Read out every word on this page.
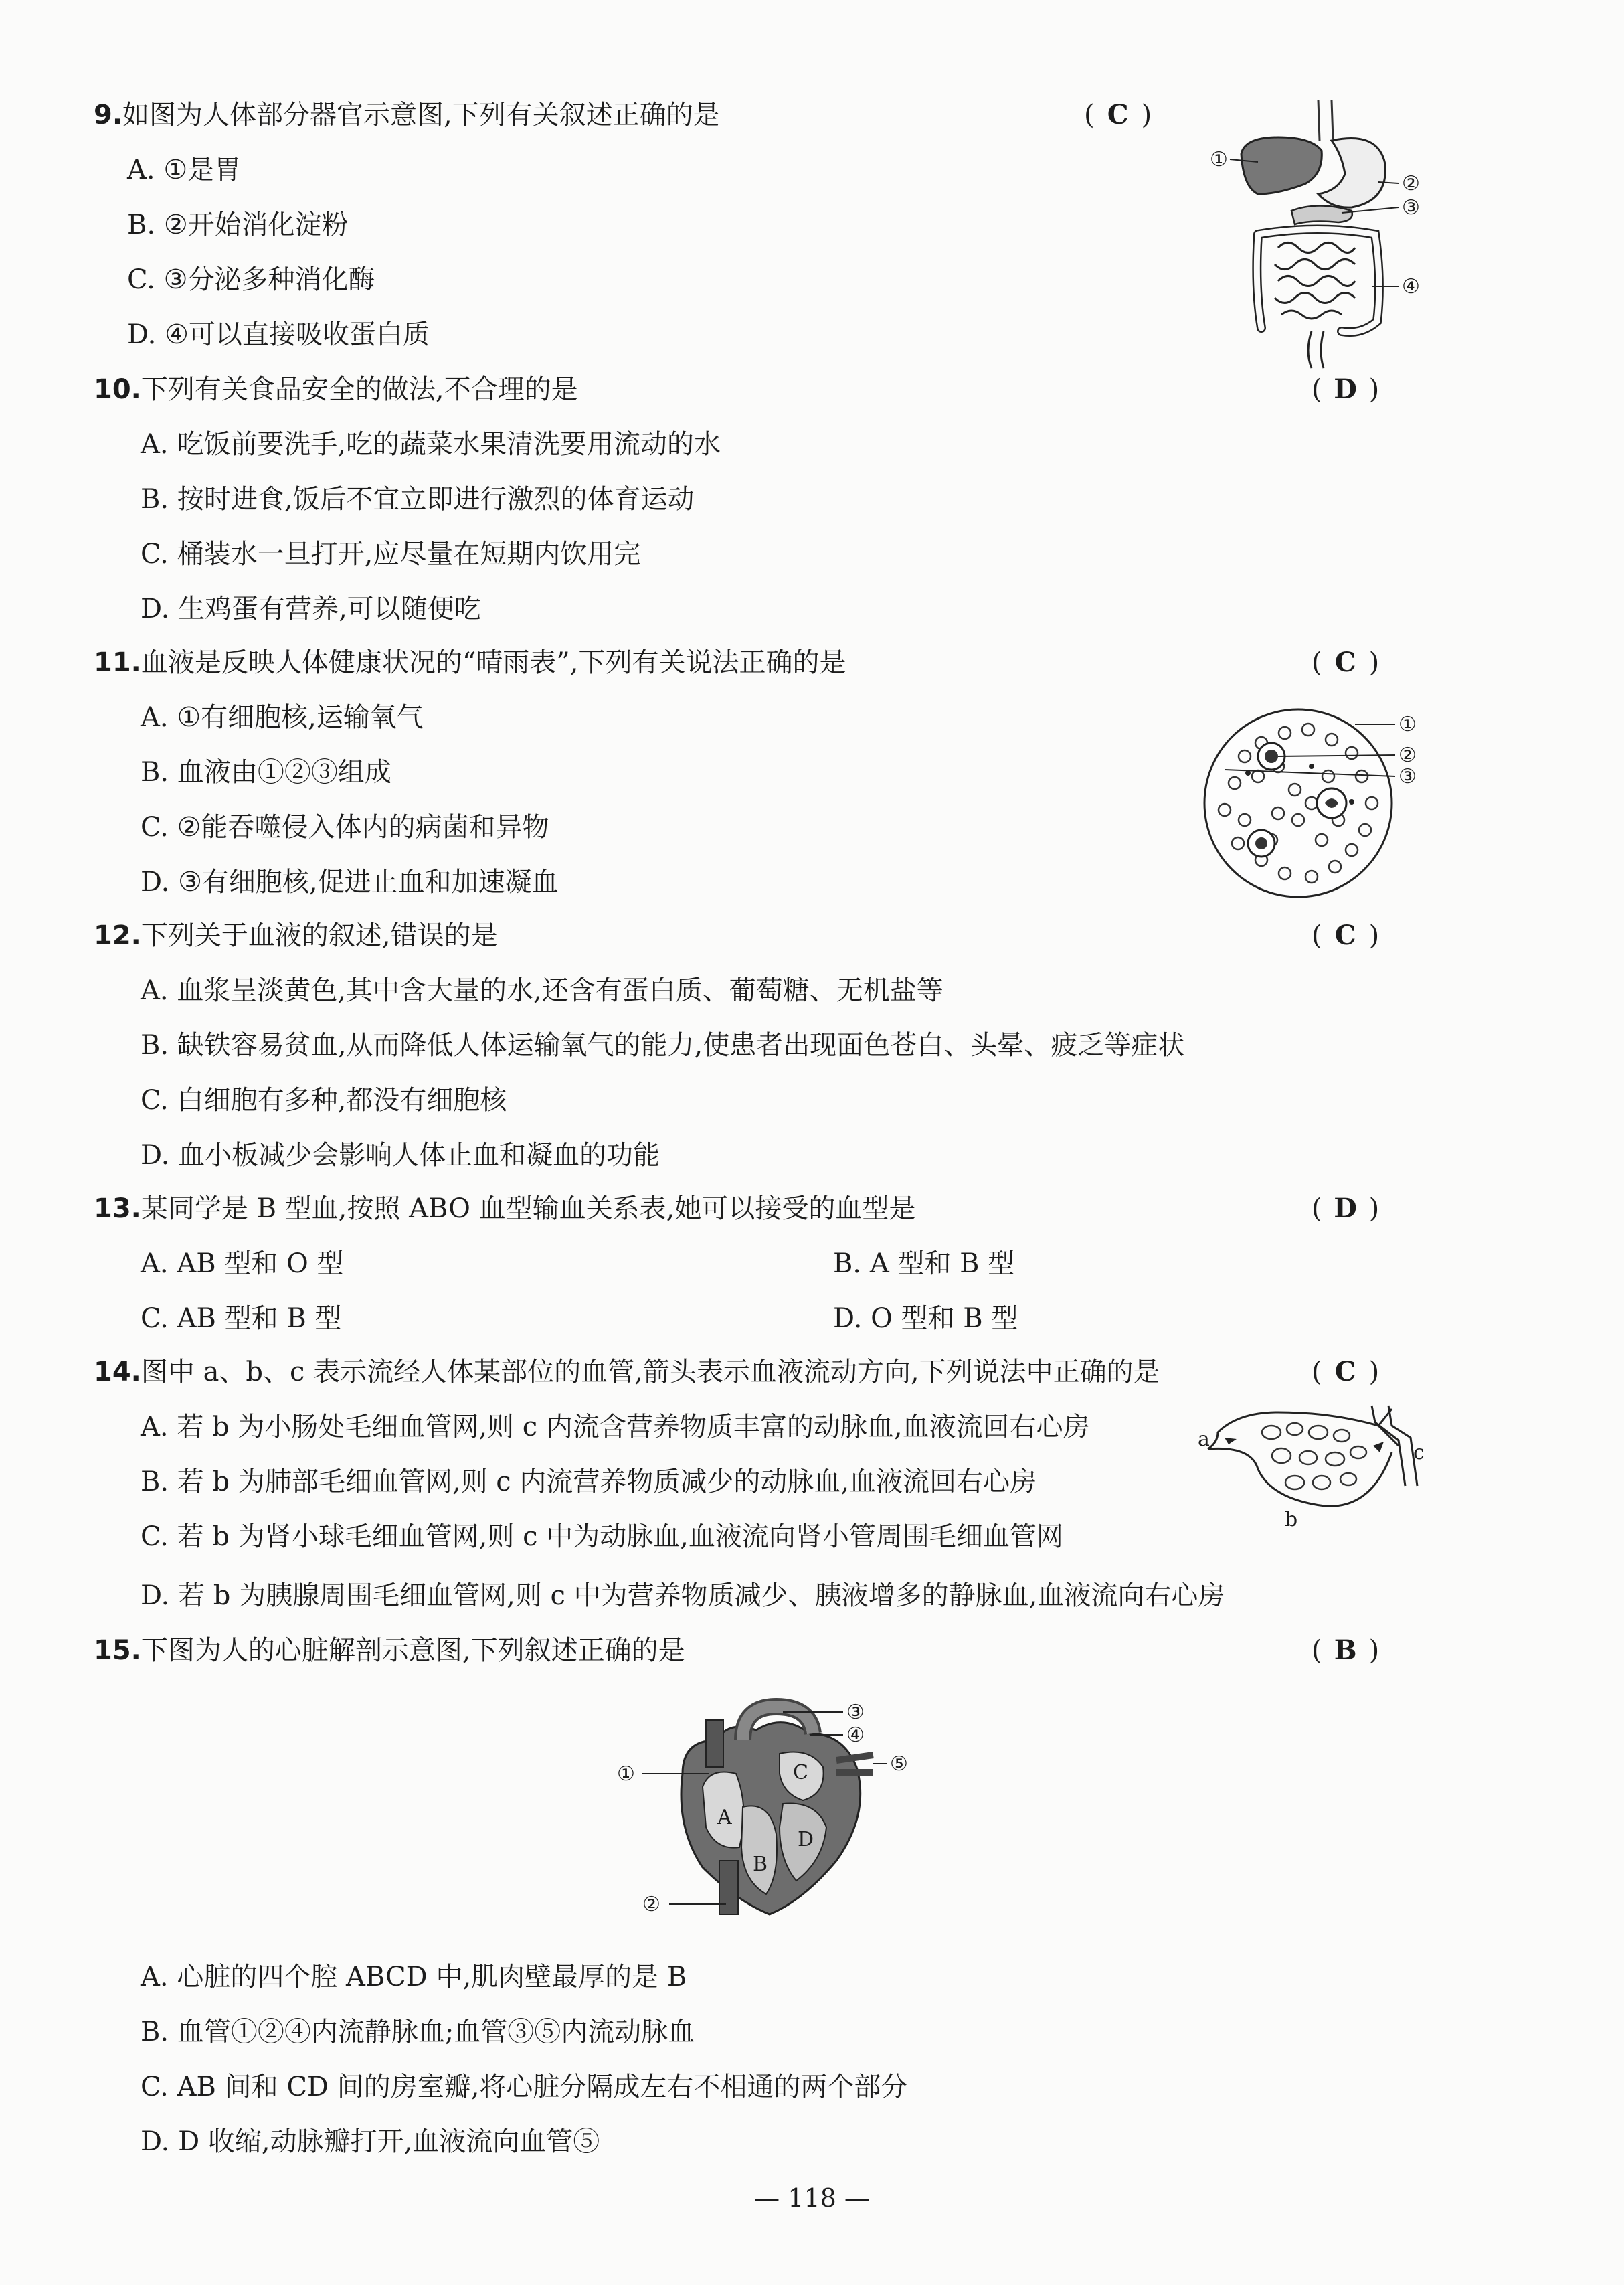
9.如图为人体部分器官示意图,下列有关叙述正确的是	( C )
A. ①是胃
B. ②开始消化淀粉
C. ③分泌多种消化酶
D. ④可以直接吸收蛋白质
①
②
③
④
10.下列有关食品安全的做法,不合理的是	( D )
A. 吃饭前要洗手,吃的蔬菜水果清洗要用流动的水
B. 按时进食,饭后不宜立即进行激烈的体育运动
C. 桶装水一旦打开,应尽量在短期内饮用完
D. 生鸡蛋有营养,可以随便吃
11.血液是反映人体健康状况的“晴雨表”,下列有关说法正确的是	( C )
A. ①有细胞核,运输氧气
B. 血液由①②③组成
C. ②能吞噬侵入体内的病菌和异物
D. ③有细胞核,促进止血和加速凝血
①
②
③
12.下列关于血液的叙述,错误的是	( C )
A. 血浆呈淡黄色,其中含大量的水,还含有蛋白质、葡萄糖、无机盐等
B. 缺铁容易贫血,从而降低人体运输氧气的能力,使患者出现面色苍白、头晕、疲乏等症状
C. 白细胞有多种,都没有细胞核
D. 血小板减少会影响人体止血和凝血的功能
13.某同学是 B 型血,按照 ABO 血型输血关系表,她可以接受的血型是	( D )
A. AB 型和 O 型	B. A 型和 B 型
C. AB 型和 B 型	D. O 型和 B 型
14.图中 a、b、c 表示流经人体某部位的血管,箭头表示血液流动方向,下列说法中正确的是	( C )
A. 若 b 为小肠处毛细血管网,则 c 内流含营养物质丰富的动脉血,血液流回右心房
B. 若 b 为肺部毛细血管网,则 c 内流营养物质减少的动脉血,血液流回右心房
C. 若 b 为肾小球毛细血管网,则 c 中为动脉血,血液流向肾小管周围毛细血管网
D. 若 b 为胰腺周围毛细血管网,则 c 中为营养物质减少、胰液增多的静脉血,血液流向右心房
a
b
c
15.下图为人的心脏解剖示意图,下列叙述正确的是	( B )
A
B
C
D
①
②
③
④
⑤
A. 心脏的四个腔 ABCD 中,肌肉壁最厚的是 B
B. 血管①②④内流静脉血;血管③⑤内流动脉血
C. AB 间和 CD 间的房室瓣,将心脏分隔成左右不相通的两个部分
D. D 收缩,动脉瓣打开,血液流向血管⑤
— 118 —
